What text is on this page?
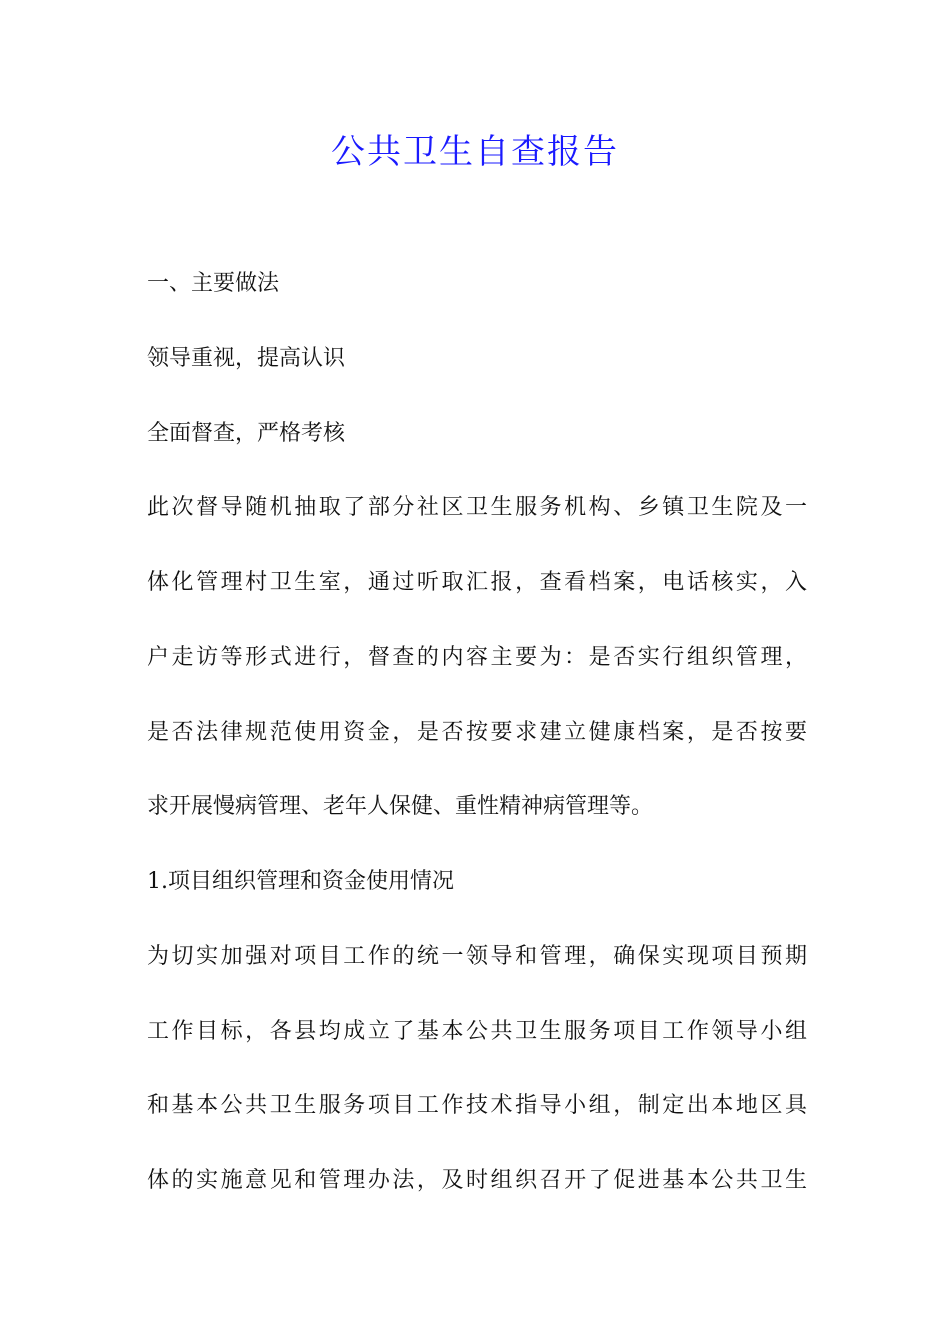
公共卫生自查报告
一、主要做法
领导重视，提高认识
全面督查，严格考核
此次督导随机抽取了部分社区卫生服务机构、乡镇卫生院及一
体化管理村卫生室，通过听取汇报，查看档案，电话核实，入
户走访等形式进行，督查的内容主要为：是否实行组织管理，
是否法律规范使用资金，是否按要求建立健康档案，是否按要
求开展慢病管理、老年人保健、重性精神病管理等。
1.项目组织管理和资金使用情况
为切实加强对项目工作的统一领导和管理，确保实现项目预期
工作目标，各县均成立了基本公共卫生服务项目工作领导小组
和基本公共卫生服务项目工作技术指导小组，制定出本地区具
体的实施意见和管理办法，及时组织召开了促进基本公共卫生
